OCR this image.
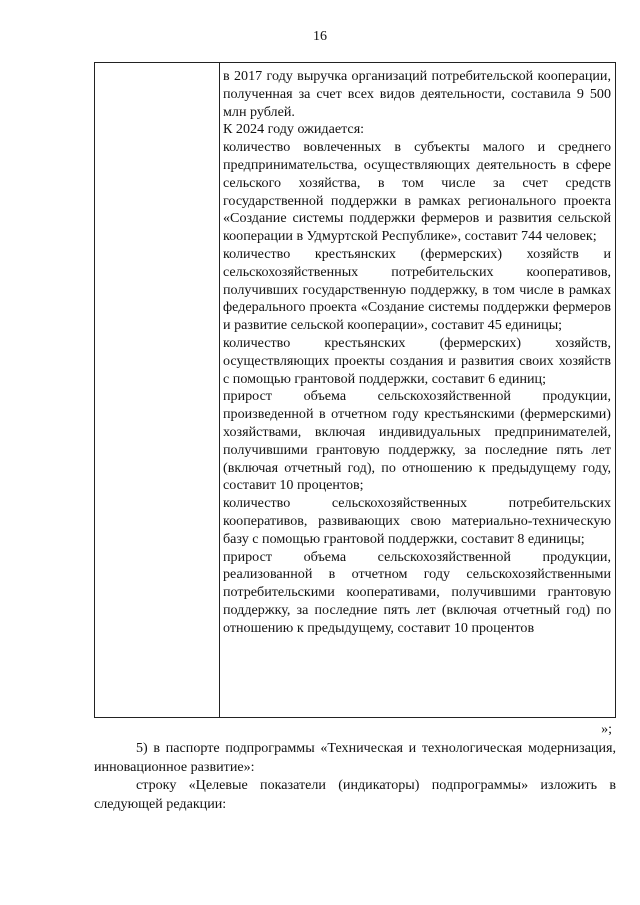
16

в 2017 году выручка организаций потребительской кооперации, полученная за счет всех видов деятельности, составила 9 500 млн рублей.

К 2024 году ожидается:

количество вовлеченных в субъекты малого и среднего предпринимательства, осуществляющих деятельность в сфере сельского хозяйства, в том числе за счет средств государственной поддержки в рамках регионального проекта «Создание системы поддержки фермеров и развития сельской кооперации в Удмуртской Республике», составит 744 человек;

количество крестьянских (фермерских) хозяйств и сельскохозяйственных потребительских кооперативов, получивших государственную поддержку, в том числе в рамках федерального проекта «Создание системы поддержки фермеров и развитие сельской кооперации», составит 45 единицы;

количество крестьянских (фермерских) хозяйств, осуществляющих проекты создания и развития своих хозяйств с помощью грантовой поддержки, составит 6 единиц;

прирост объема сельскохозяйственной продукции, произведенной в отчетном году крестьянскими (фермерскими) хозяйствами, включая индивидуальных предпринимателей, получившими грантовую поддержку, за последние пять лет (включая отчетный год), по отношению к предыдущему году, составит 10 процентов;

количество сельскохозяйственных потребительских кооперативов, развивающих свою материально-техническую базу с помощью грантовой поддержки, составит 8 единицы;

прирост объема сельскохозяйственной продукции, реализованной в отчетном году сельскохозяйственными потребительскими кооперативами, получившими грантовую поддержку, за последние пять лет (включая отчетный год) по отношению к предыдущему, составит 10 процентов

»;

5) в паспорте подпрограммы «Техническая и технологическая модернизация, инновационное развитие»:

строку «Целевые показатели (индикаторы) подпрограммы» изложить в следующей редакции:
